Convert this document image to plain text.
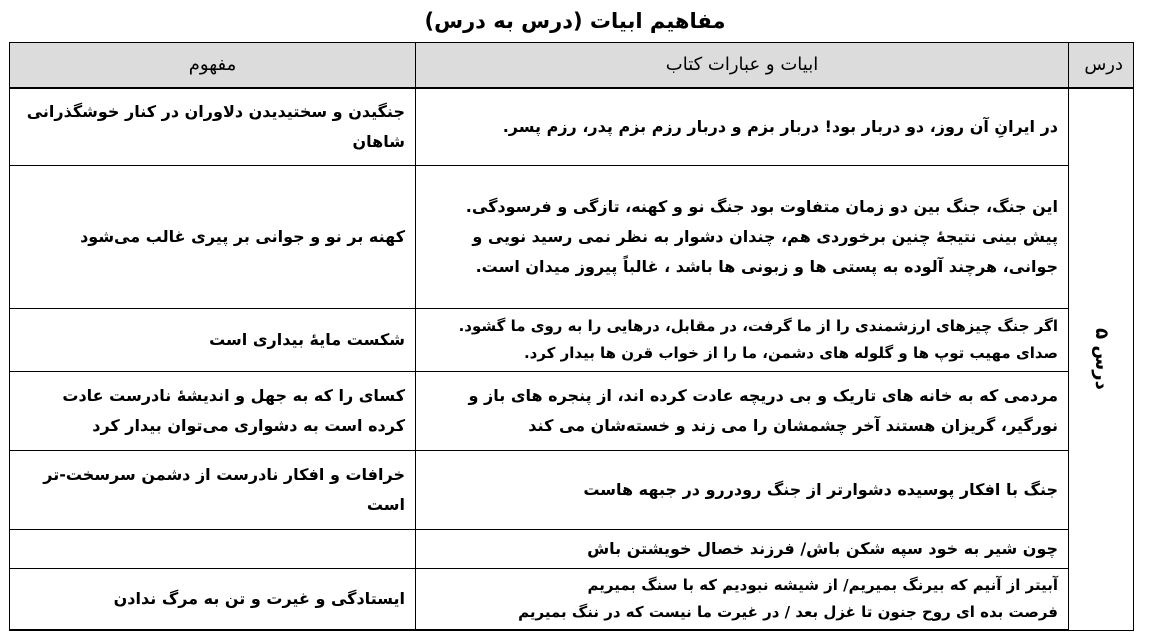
مفاهیم ابیات (درس به درس)
درس	ابیات و عبارات کتاب	مفهوم
درس ۵	در ایرانِ آن روز، دو دربار بود! دربار بزم و دربار رزم بزم پدر، رزم پسر.	جنگیدن و سختیدیدن دلاوران در کنار خوشگذرانی شاهان

	این جنگ، جنگ بین دو زمان متفاوت بود جنگ نو و کهنه، تازگی و فرسودگی. پیش بینی نتیجهٔ چنین برخوردی هم، چندان دشوار به نظر نمی رسید نویی و جوانی، هرچند آلوده به پستی ها و زبونی ها باشد ، غالباً پیروز میدان است.	کهنه بر نو و جوانی بر پیری غالب می‌شود

	اگر جنگ چیزهای ارزشمندی را از ما گرفت، در مقابل، درهایی را به روی ما گشود.
صدای مهیب توپ ها و گلوله های دشمن، ما را از خواب قرن ها بیدار کرد.	شکست مایهٔ بیداری است

	مردمی که به خانه های تاریک و بی دریچه عادت کرده اند، از پنجره های باز و نورگیر، گریزان هستند آخر چشمشان را می زند و خسته‌شان می کند	کسای را که به جهل و اندیشهٔ نادرست عادت کرده است به دشواری می‌توان بیدار کرد

	جنگ با افکار پوسیده دشوارتر از جنگ رودررو در جبهه هاست	خرافات و افکار نادرست از دشمن سرسخت-تر است

	چون شیر به خود سپه شکن باش/ فرزند خصال خویشتن باش	

	آبیتر از آنیم که بیرنگ بمیریم/ از شیشه نبودیم که با سنگ بمیریم
فرصت بده ای روح جنون تا غزل بعد / در غیرت ما نیست که در ننگ بمیریم	ایستادگی و غیرت و تن به مرگ ندادن
